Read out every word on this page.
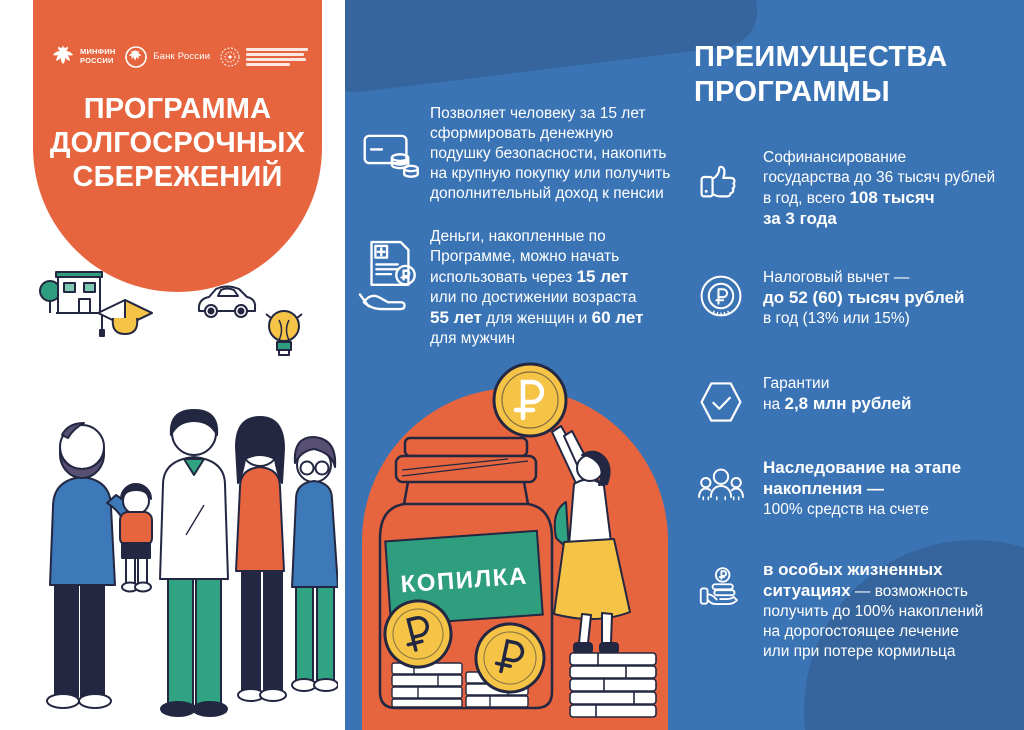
МИНФИН
РОССИИ	Банк России
ПРОГРАММА
ДОЛГОСРОЧНЫХ
СБЕРЕЖЕНИЙ
Позволяет человеку за 15 лет
сформировать денежную
подушку безопасности, накопить
на крупную покупку или получить
дополнительный доход к пенсии
Деньги, накопленные по
Программе, можно начать
использовать через 15 лет
или по достижении возраста
55 лет для женщин и 60 лет
для мужчин
КОПИЛКА
ПРЕИМУЩЕСТВА
ПРОГРАММЫ
Софинансирование
государства до 36 тысяч рублей
в год, всего 108 тысяч
за 3 года
Налоговый вычет —
до 52 (60) тысяч рублей
в год (13% или 15%)
Гарантии
на 2,8 млн рублей
Наследование на этапе
накопления —
100% средств на счете
в особых жизненных
ситуациях — возможность
получить до 100% накоплений
на дорогостоящее лечение
или при потере кормильца
